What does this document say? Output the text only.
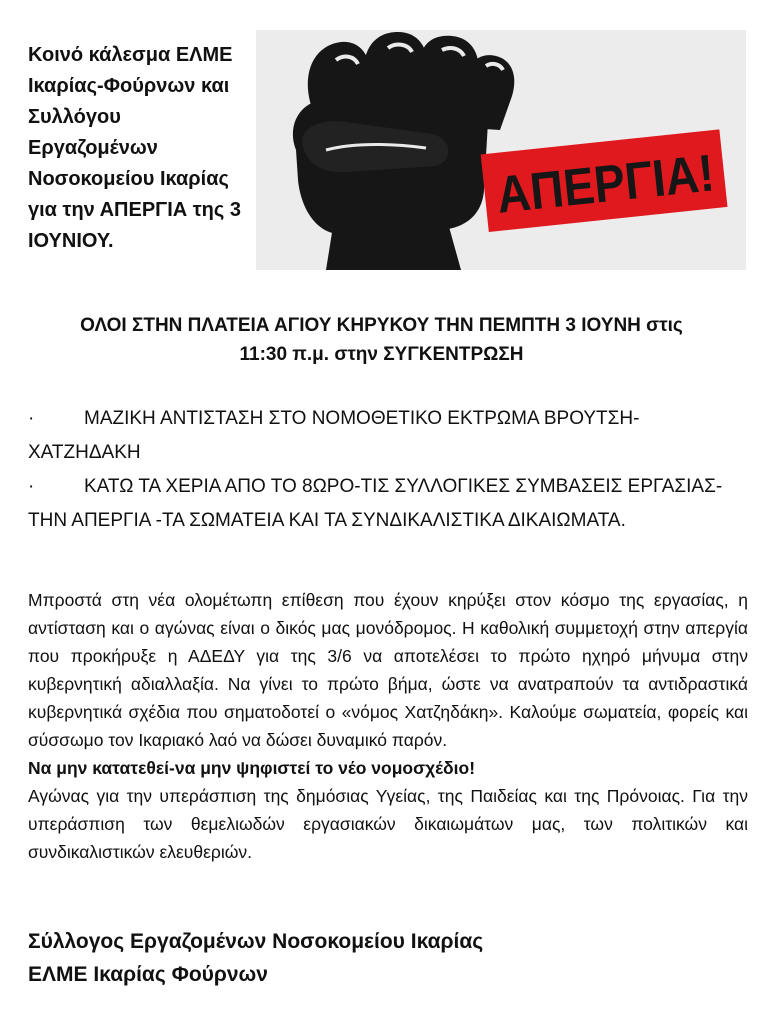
Κοινό κάλεσμα ΕΛΜΕ
Ικαρίας-Φούρνων και
Συλλόγου
Εργαζομένων
Νοσοκομείου Ικαρίας
για την ΑΠΕΡΓΙΑ της 3
ΙΟΥΝΙΟΥ.
ΑΠΕΡΓΙΑ!
ΟΛΟΙ ΣΤΗΝ ΠΛΑΤΕΙΑ ΑΓΙΟΥ ΚΗΡΥΚΟΥ ΤΗΝ ΠΕΜΠΤΗ 3 ΙΟΥΝΗ στις
11:30 π.μ. στην ΣΥΓΚΕΝΤΡΩΣΗ

·	ΜΑΖΙΚΗ ΑΝΤΙΣΤΑΣΗ ΣΤΟ ΝΟΜΟΘΕΤΙΚΟ ΕΚΤΡΩΜΑ ΒΡΟΥΤΣΗ-ΧΑΤΖΗΔΑΚΗ

·	ΚΑΤΩ ΤΑ ΧΕΡΙΑ ΑΠΟ ΤΟ 8ΩΡΟ-ΤΙΣ ΣΥΛΛΟΓΙΚΕΣ ΣΥΜΒΑΣΕΙΣ ΕΡΓΑΣΙΑΣ-ΤΗΝ ΑΠΕΡΓΙΑ -ΤΑ ΣΩΜΑΤΕΙΑ ΚΑΙ ΤΑ ΣΥΝΔΙΚΑΛΙΣΤΙΚΑ ΔΙΚΑΙΩΜΑΤΑ.

Μπροστά στη νέα ολομέτωπη επίθεση που έχουν κηρύξει στον κόσμο της εργασίας, η αντίσταση και ο αγώνας είναι ο δικός μας μονόδρομος. Η καθολική συμμετοχή στην απεργία που προκήρυξε η ΑΔΕΔΥ για της 3/6 να αποτελέσει το πρώτο ηχηρό μήνυμα στην κυβερνητική αδιαλλαξία. Να γίνει το πρώτο βήμα, ώστε να ανατραπούν τα αντιδραστικά κυβερνητικά σχέδια που σηματοδοτεί ο «νόμος Χατζηδάκη». Καλούμε σωματεία, φορείς και σύσσωμο τον Ικαριακό λαό να δώσει δυναμικό παρόν.

Να μην κατατεθεί-να μην ψηφιστεί το νέο νομοσχέδιο!

Αγώνας για την υπεράσπιση της δημόσιας Υγείας, της Παιδείας και της Πρόνοιας. Για την υπεράσπιση των θεμελιωδών εργασιακών δικαιωμάτων μας, των πολιτικών και συνδικαλιστικών ελευθεριών.

Σύλλογος Εργαζομένων Νοσοκομείου Ικαρίας
ΕΛΜΕ Ικαρίας Φούρνων
